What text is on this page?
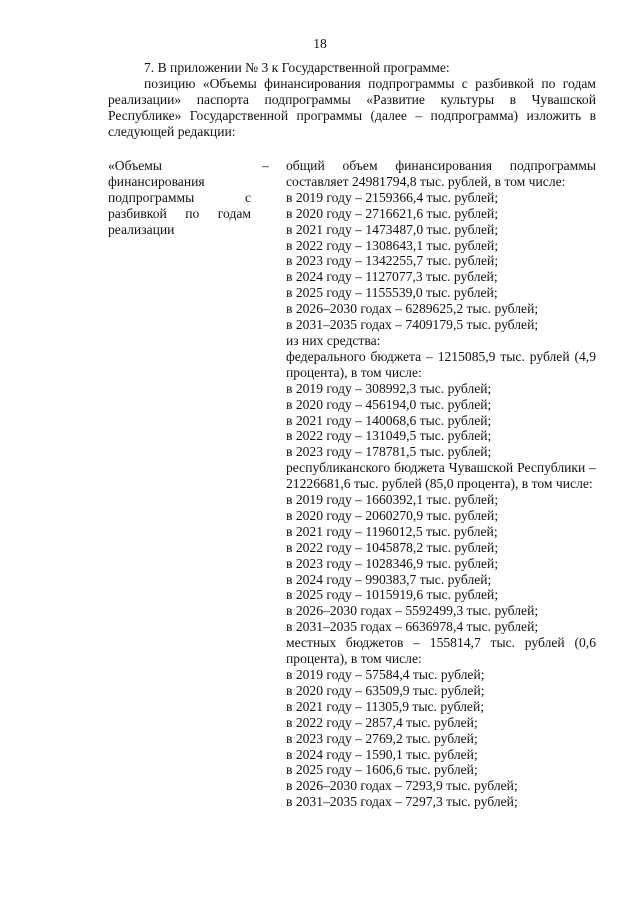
18

7. В приложении № 3 к Государственной программе:

позицию «Объемы финансирования подпрограммы с разбивкой по годам реализации» паспорта подпрограммы «Развитие культуры в Чувашской Республике» Государственной программы (далее – подпрограмма) изложить в следующей редакции:

«Объемы финансирования подпрограммы с разбивкой по годам реализации
–	общий объем финансирования подпрограммы составляет 24981794,8 тыс. рублей, в том числе:
в 2019 году – 2159366,4 тыс. рублей;
в 2020 году – 2716621,6 тыс. рублей;
в 2021 году – 1473487,0 тыс. рублей;
в 2022 году – 1308643,1 тыс. рублей;
в 2023 году – 1342255,7 тыс. рублей;
в 2024 году – 1127077,3 тыс. рублей;
в 2025 году – 1155539,0 тыс. рублей;
в 2026–2030 годах – 6289625,2 тыс. рублей;
в 2031–2035 годах – 7409179,5 тыс. рублей;
из них средства:
федерального бюджета – 1215085,9 тыс. рублей (4,9 процента), в том числе:
в 2019 году – 308992,3 тыс. рублей;
в 2020 году – 456194,0 тыс. рублей;
в 2021 году – 140068,6 тыс. рублей;
в 2022 году – 131049,5 тыс. рублей;
в 2023 году – 178781,5 тыс. рублей;
республиканского бюджета Чувашской Республики – 21226681,6 тыс. рублей (85,0 процента), в том числе:
в 2019 году – 1660392,1 тыс. рублей;
в 2020 году – 2060270,9 тыс. рублей;
в 2021 году – 1196012,5 тыс. рублей;
в 2022 году – 1045878,2 тыс. рублей;
в 2023 году – 1028346,9 тыс. рублей;
в 2024 году – 990383,7 тыс. рублей;
в 2025 году – 1015919,6 тыс. рублей;
в 2026–2030 годах – 5592499,3 тыс. рублей;
в 2031–2035 годах – 6636978,4 тыс. рублей;
местных бюджетов – 155814,7 тыс. рублей (0,6 процента), в том числе:
в 2019 году – 57584,4 тыс. рублей;
в 2020 году – 63509,9 тыс. рублей;
в 2021 году – 11305,9 тыс. рублей;
в 2022 году – 2857,4 тыс. рублей;
в 2023 году – 2769,2 тыс. рублей;
в 2024 году – 1590,1 тыс. рублей;
в 2025 году – 1606,6 тыс. рублей;
в 2026–2030 годах – 7293,9 тыс. рублей;
в 2031–2035 годах – 7297,3 тыс. рублей;
